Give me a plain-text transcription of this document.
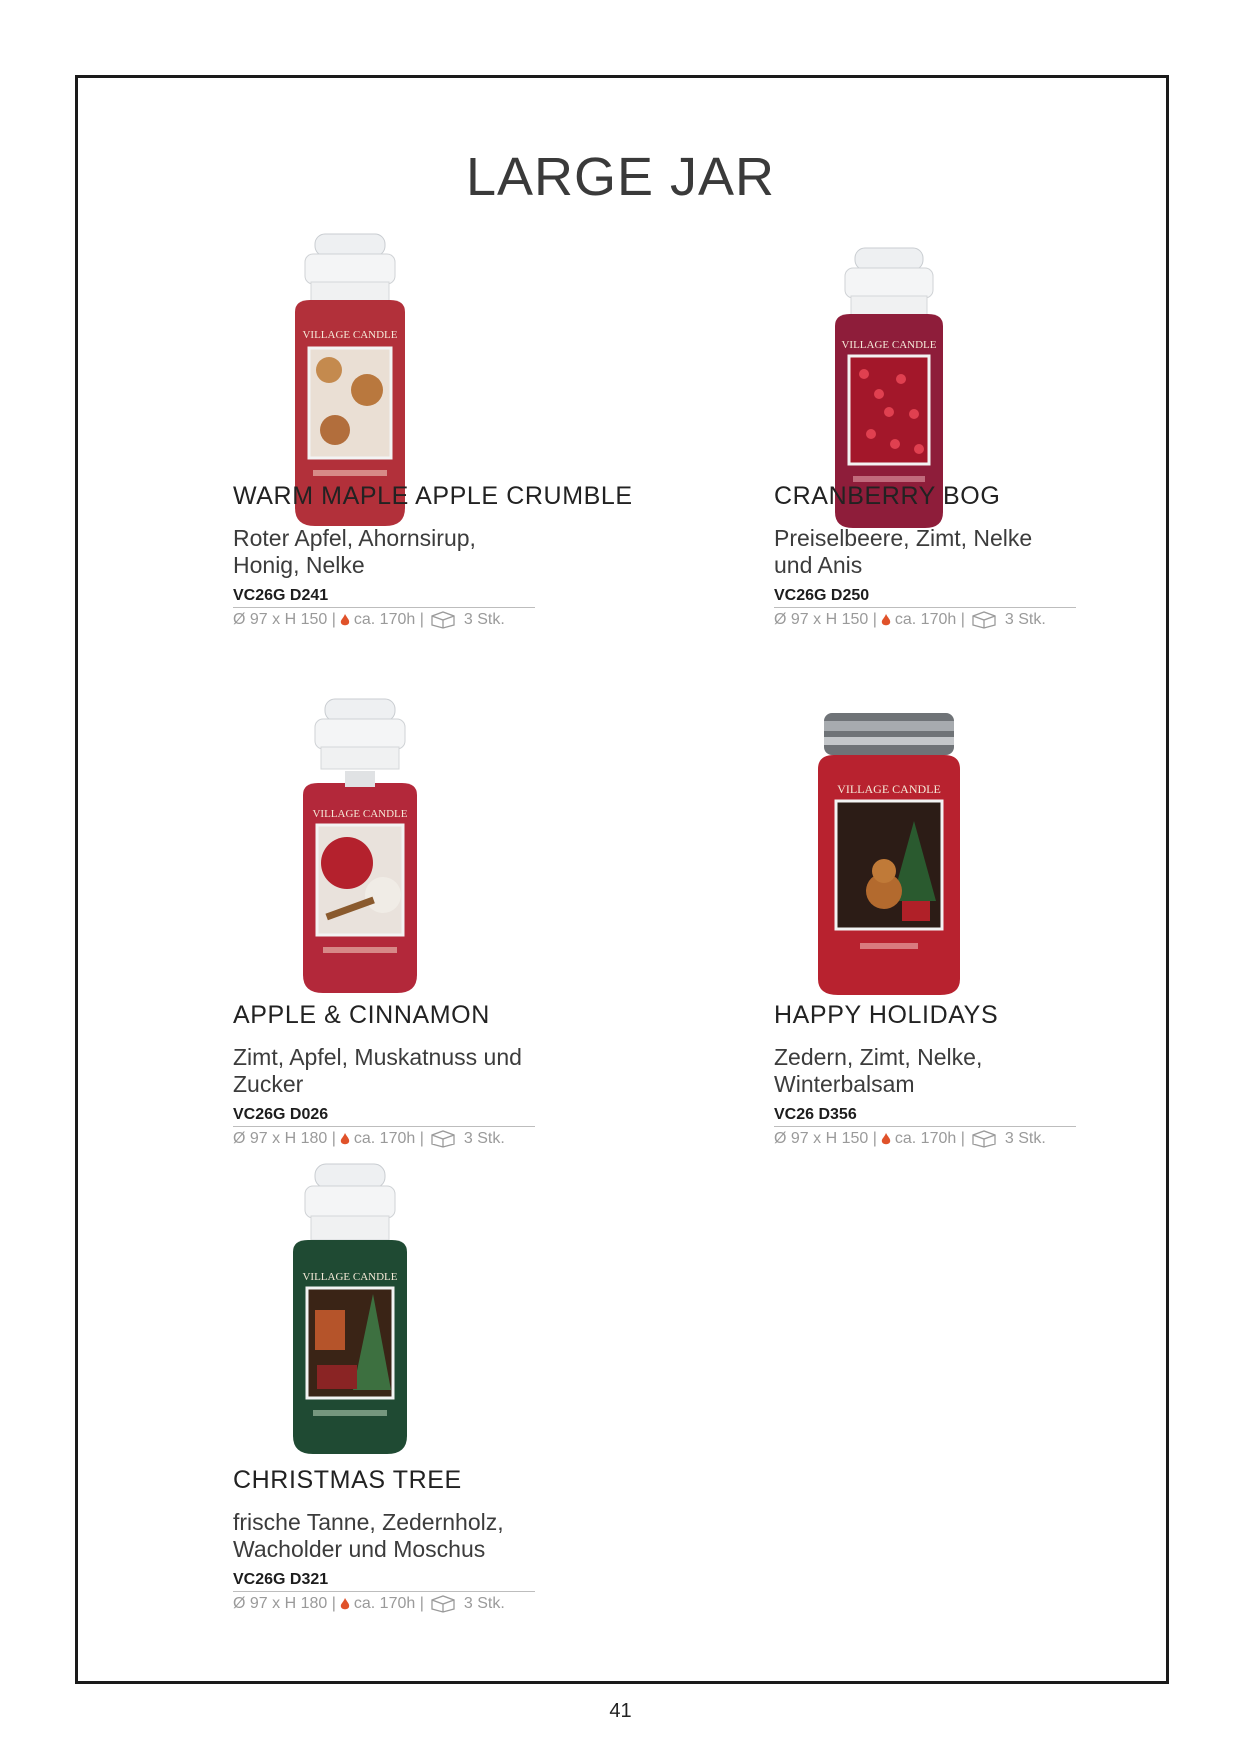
LARGE JAR
VILLAGE CANDLE
WARM MAPLE APPLE CRUMBLE
Roter Apfel, Ahornsirup,
Honig, Nelke
VC26G D241
Ø 97 x H 150 | ca. 170h |	3 Stk.
VILLAGE CANDLE
CRANBERRY BOG
Preiselbeere, Zimt, Nelke
und Anis
VC26G D250
Ø 97 x H 150 | ca. 170h |	3 Stk.
VILLAGE CANDLE
APPLE & CINNAMON
Zimt, Apfel, Muskatnuss und
Zucker
VC26G D026
Ø 97 x H 180 | ca. 170h |	3 Stk.
VILLAGE CANDLE
HAPPY HOLIDAYS
Zedern, Zimt, Nelke,
Winterbalsam
VC26 D356
Ø 97 x H 150 | ca. 170h |	3 Stk.
VILLAGE CANDLE
CHRISTMAS TREE
frische Tanne, Zedernholz,
Wacholder und Moschus
VC26G D321
Ø 97 x H 180 | ca. 170h |	3 Stk.
41
